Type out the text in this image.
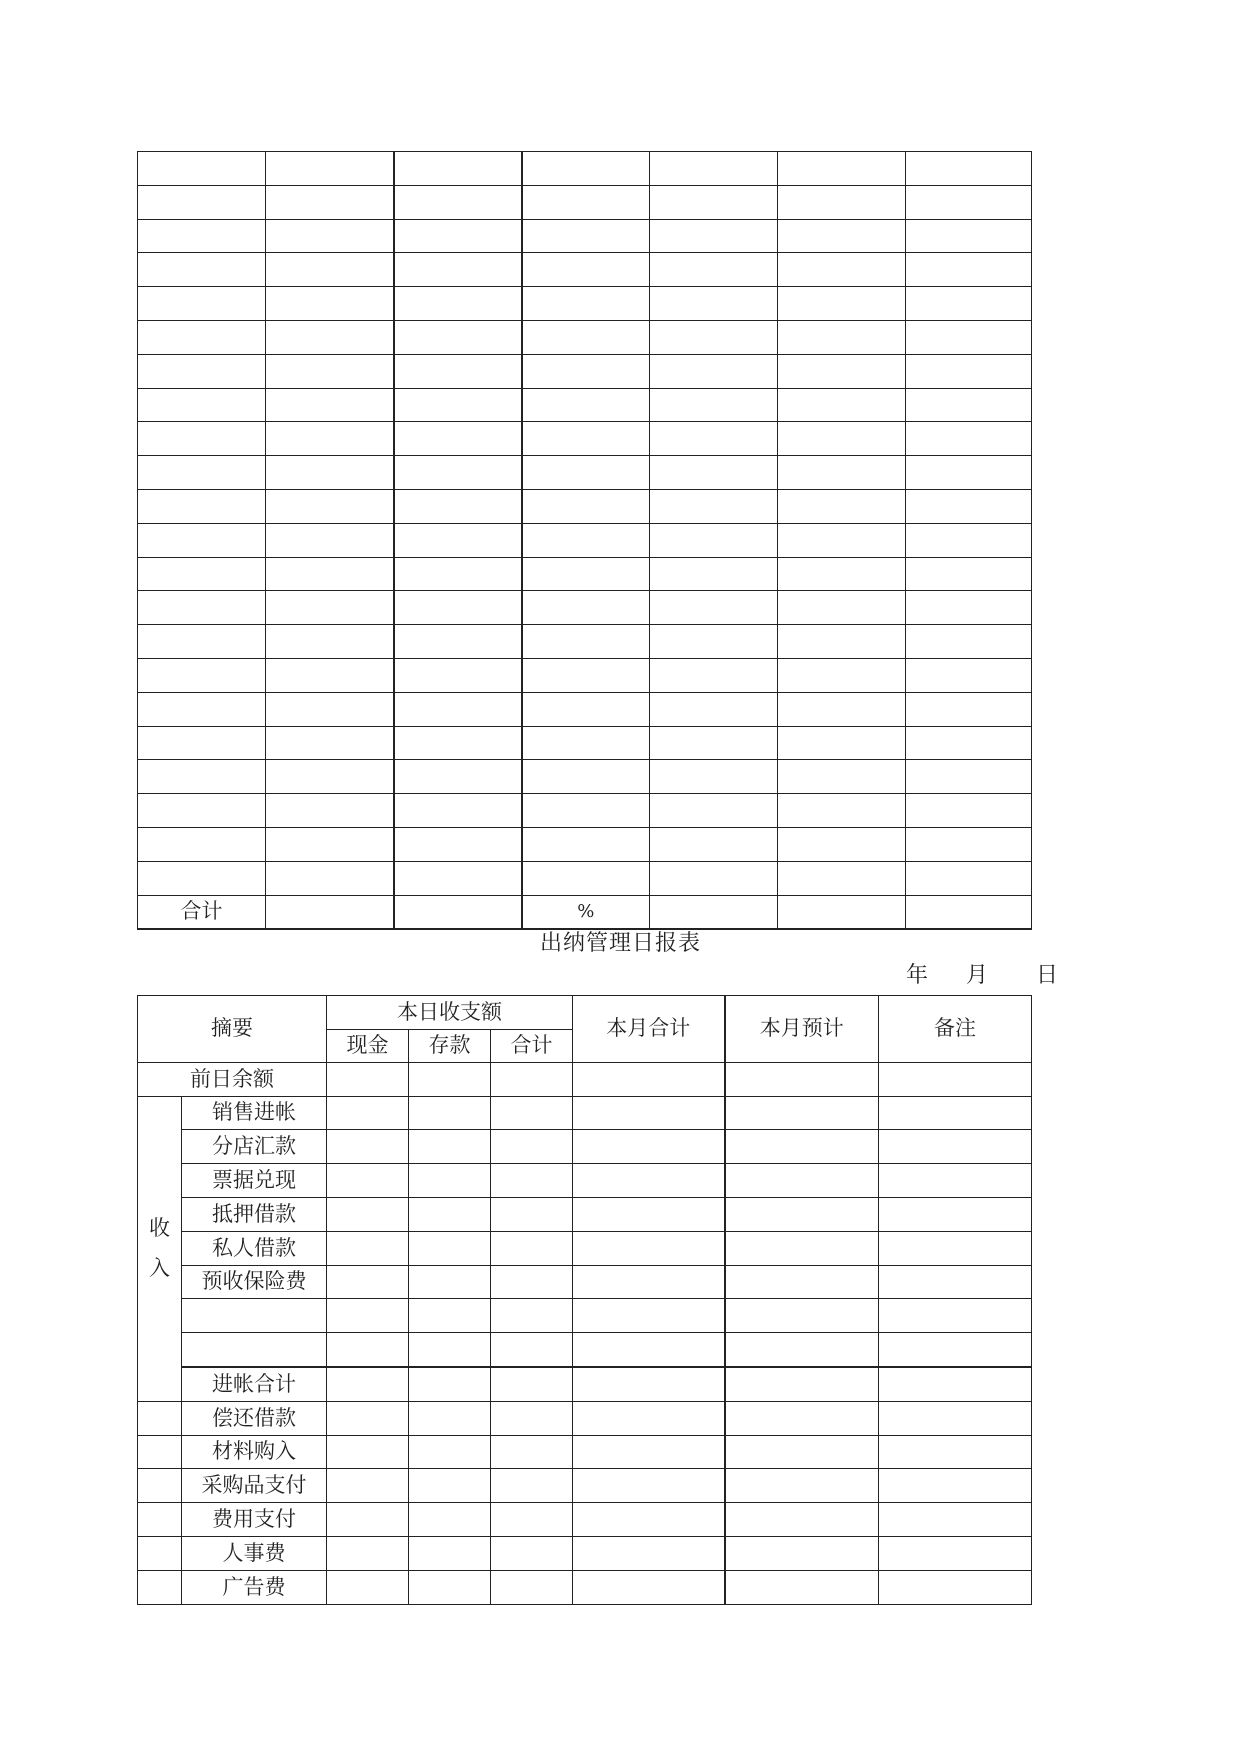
合计			%			
出纳管理日报表
年 月 日
摘要		本日收支额			本月合计	本月预计	备注
		现金	存款	合计			
前日余额							

收
入	销售进帐						
	分店汇款						
	票据兑现						
	抵押借款						
	私人借款						
	预收保险费						

	进帐合计						
	偿还借款						
	材料购入						
	采购品支付						
	费用支付						
	人事费						
	广告费						
